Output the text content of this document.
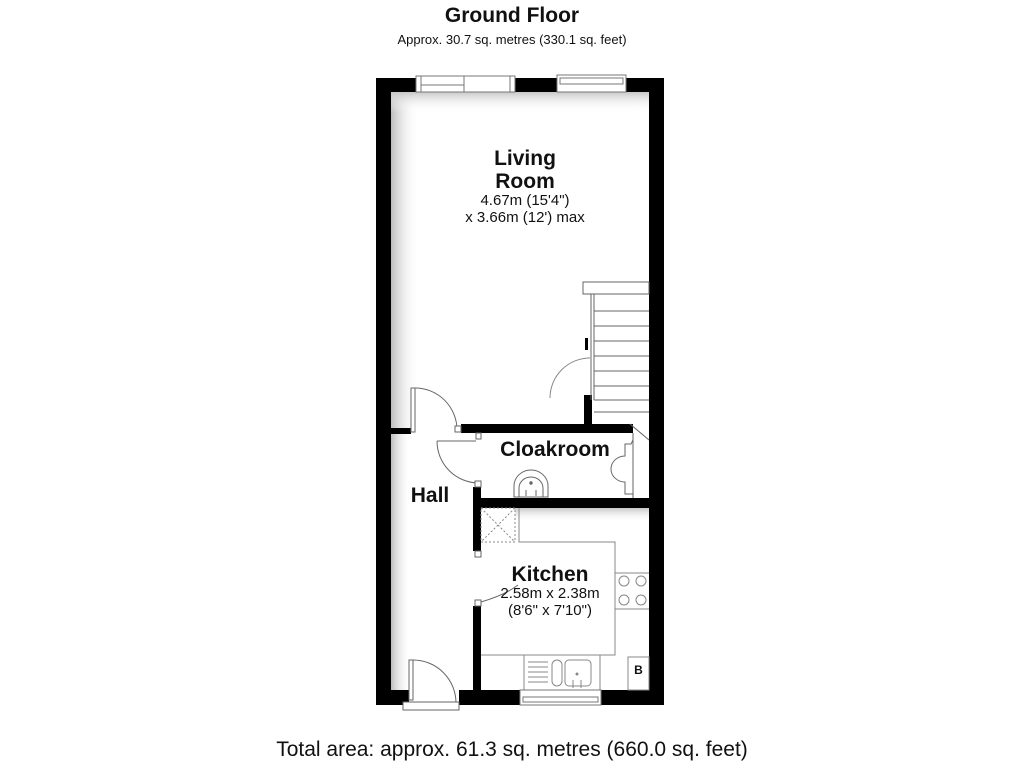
Ground Floor
Approx. 30.7 sq. metres (330.1 sq. feet)
Living
Room
4.67m (15'4")
x 3.66m (12') max
Cloakroom
Hall
Kitchen
2.58m x 2.38m
(8'6" x 7'10")
B
Total area: approx. 61.3 sq. metres (660.0 sq. feet)
